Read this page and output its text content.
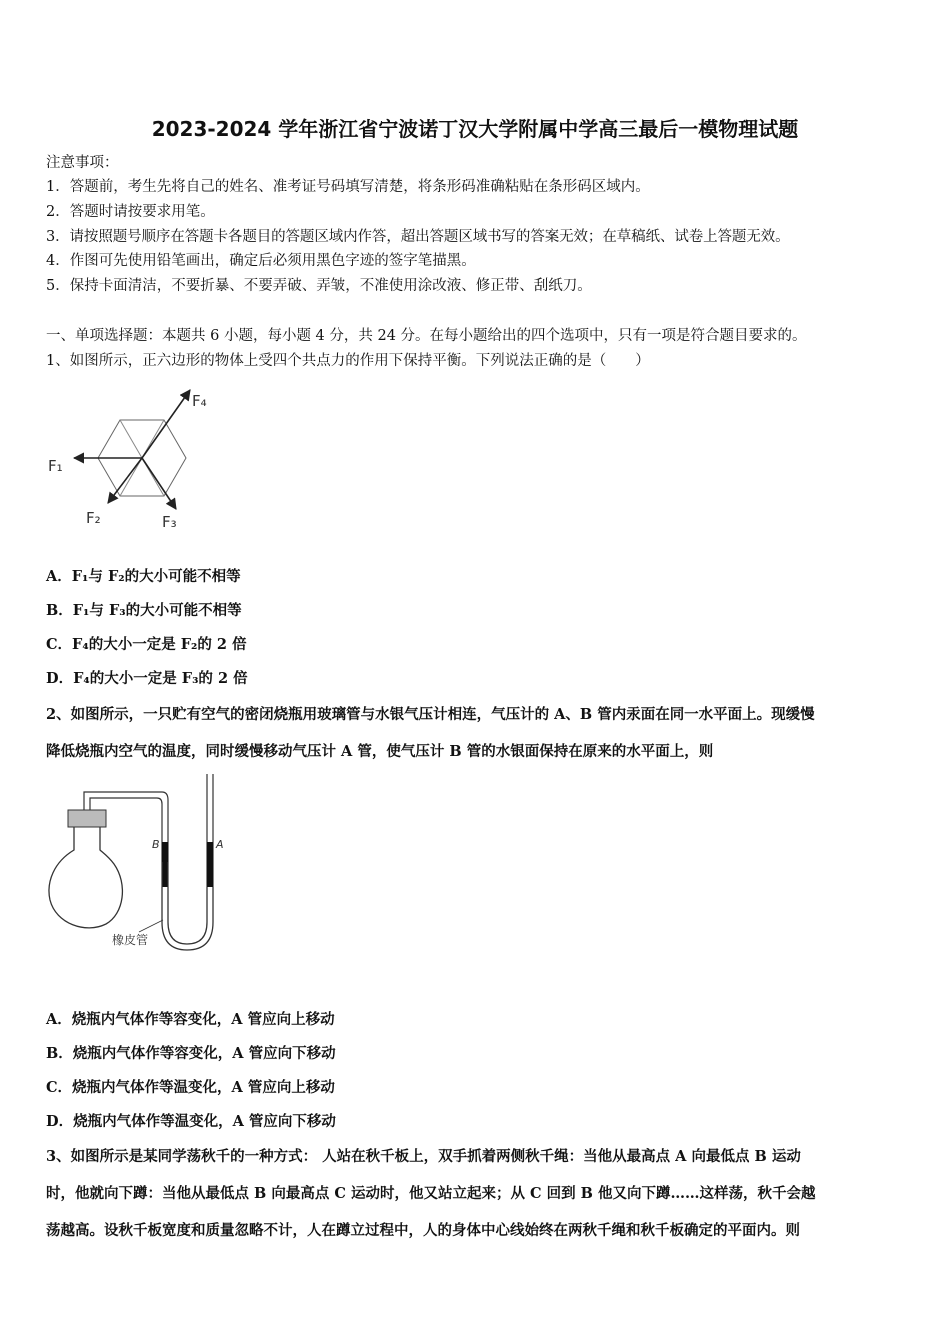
2023-2024 学年浙江省宁波诺丁汉大学附属中学高三最后一模物理试题
注意事项：
1．答题前，考生先将自己的姓名、准考证号码填写清楚，将条形码准确粘贴在条形码区域内。
2．答题时请按要求用笔。
3．请按照题号顺序在答题卡各题目的答题区域内作答，超出答题区域书写的答案无效；在草稿纸、试卷上答题无效。
4．作图可先使用铅笔画出，确定后必须用黑色字迹的签字笔描黑。
5．保持卡面清洁，不要折暴、不要弄破、弄皱，不准使用涂改液、修正带、刮纸刀。
一、单项选择题：本题共 6 小题，每小题 4 分，共 24 分。在每小题给出的四个选项中，只有一项是符合题目要求的。
1、如图所示，正六边形的物体上受四个共点力的作用下保持平衡。下列说法正确的是（　　）
F₁
F₂	F₃
F₄
A．F₁与 F₂的大小可能不相等
B．F₁与 F₃的大小可能不相等
C．F₄的大小一定是 F₂的 2 倍
D．F₄的大小一定是 F₃的 2 倍
2、如图所示，一只贮有空气的密闭烧瓶用玻璃管与水银气压计相连，气压计的 A、B 管内汞面在同一水平面上。现缓慢
降低烧瓶内空气的温度，同时缓慢移动气压计 A 管，使气压计 B 管的水银面保持在原来的水平面上，则
B	A
橡皮管
A．烧瓶内气体作等容变化，A 管应向上移动
B．烧瓶内气体作等容变化，A 管应向下移动
C．烧瓶内气体作等温变化，A 管应向上移动
D．烧瓶内气体作等温变化，A 管应向下移动
3、如图所示是某同学荡秋千的一种方式： 人站在秋千板上，双手抓着两侧秋千绳：当他从最高点 A 向最低点 B 运动
时，他就向下蹲：当他从最低点 B 向最高点 C 运动时，他又站立起来；从 C 回到 B 他又向下蹲……这样荡，秋千会越
荡越高。设秋千板宽度和质量忽略不计，人在蹲立过程中，人的身体中心线始终在两秋千绳和秋千板确定的平面内。则
